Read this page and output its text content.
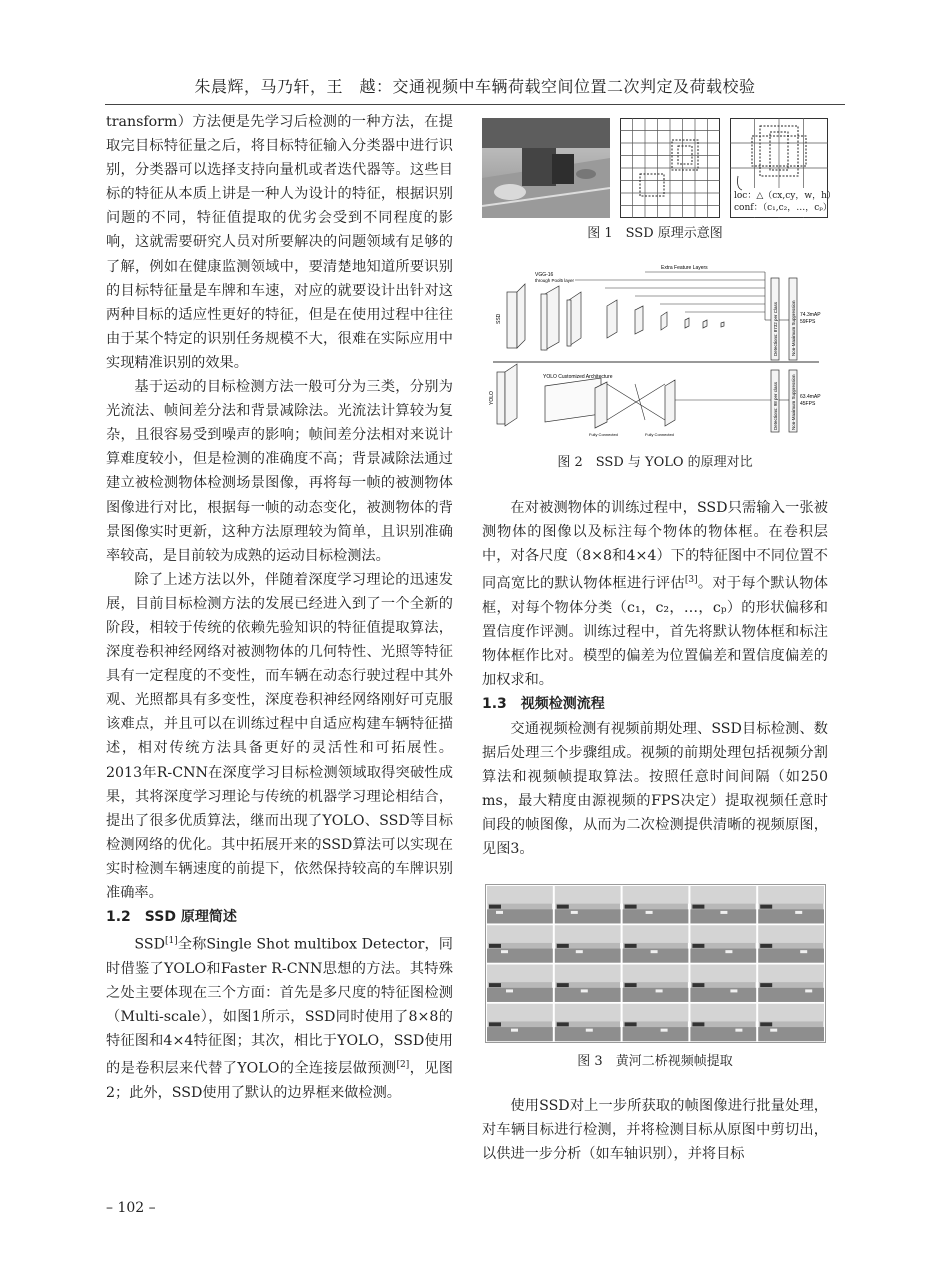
朱晨辉，马乃轩，王　越：交通视频中车辆荷载空间位置二次判定及荷载校验

transform）方法便是先学习后检测的一种方法，在提取完目标特征量之后，将目标特征输入分类器中进行识别，分类器可以选择支持向量机或者迭代器等。这些目标的特征从本质上讲是一种人为设计的特征，根据识别问题的不同，特征值提取的优劣会受到不同程度的影响，这就需要研究人员对所要解决的问题领域有足够的了解，例如在健康监测领域中，要清楚地知道所要识别的目标特征量是车牌和车速，对应的就要设计出针对这两种目标的适应性更好的特征，但是在使用过程中往往由于某个特定的识别任务规模不大，很难在实际应用中实现精准识别的效果。

基于运动的目标检测方法一般可分为三类，分别为光流法、帧间差分法和背景减除法。光流法计算较为复杂，且很容易受到噪声的影响；帧间差分法相对来说计算难度较小，但是检测的准确度不高；背景减除法通过建立被检测物体检测场景图像，再将每一帧的被测物体图像进行对比，根据每一帧的动态变化，被测物体的背景图像实时更新，这种方法原理较为简单，且识别准确率较高，是目前较为成熟的运动目标检测法。

除了上述方法以外，伴随着深度学习理论的迅速发展，目前目标检测方法的发展已经进入到了一个全新的阶段，相较于传统的依赖先验知识的特征值提取算法，深度卷积神经网络对被测物体的几何特性、光照等特征具有一定程度的不变性，而车辆在动态行驶过程中其外观、光照都具有多变性，深度卷积神经网络刚好可克服该难点，并且可以在训练过程中自适应构建车辆特征描述，相对传统方法具备更好的灵活性和可拓展性。2013年R-CNN在深度学习目标检测领域取得突破性成果，其将深度学习理论与传统的机器学习理论相结合，提出了很多优质算法，继而出现了YOLO、SSD等目标检测网络的优化。其中拓展开来的SSD算法可以实现在实时检测车辆速度的前提下，依然保持较高的车牌识别准确率。

1.2　SSD 原理简述

SSD[1]全称Single Shot multibox Detector，同时借鉴了YOLO和Faster R-CNN思想的方法。其特殊之处主要体现在三个方面：首先是多尺度的特征图检测（Multi-scale），如图1所示，SSD同时使用了8×8的特征图和4×4特征图；其次，相比于YOLO，SSD使用的是卷积层来代替了YOLO的全连接层做预测[2]，见图2；此外，SSD使用了默认的边界框来做检测。

loc：△（cx,cy，w，h）
conf：（c₁,c₂，…，cₚ）
图 1　SSD 原理示意图
Extra Feature Layers
VGG-16
through Pool5 layer
SSD
YOLO
YOLO Customized Architecture
Detections: 8732 per Class	Non-Maximum Suppression
Detections: 98 per class	Non-Maximum Suppression
74.3mAP
59FPS
63.4mAP
45FPS
Fully Connected	Fully Connected
图 2　SSD 与 YOLO 的原理对比

在对被测物体的训练过程中，SSD只需输入一张被测物体的图像以及标注每个物体的物体框。在卷积层中，对各尺度（8×8和4×4）下的特征图中不同位置不同高宽比的默认物体框进行评估[3]。对于每个默认物体框，对每个物体分类（c₁，c₂，…，cₚ）的形状偏移和置信度作评测。训练过程中，首先将默认物体框和标注物体框作比对。模型的偏差为位置偏差和置信度偏差的加权求和。

1.3　视频检测流程

交通视频检测有视频前期处理、SSD目标检测、数据后处理三个步骤组成。视频的前期处理包括视频分割算法和视频帧提取算法。按照任意时间间隔（如250 ms，最大精度由源视频的FPS决定）提取视频任意时间段的帧图像，从而为二次检测提供清晰的视频原图，见图3。

图 3　黄河二桥视频帧提取

使用SSD对上一步所获取的帧图像进行批量处理，对车辆目标进行检测，并将检测目标从原图中剪切出，以供进一步分析（如车轴识别），并将目标

– 102 –
